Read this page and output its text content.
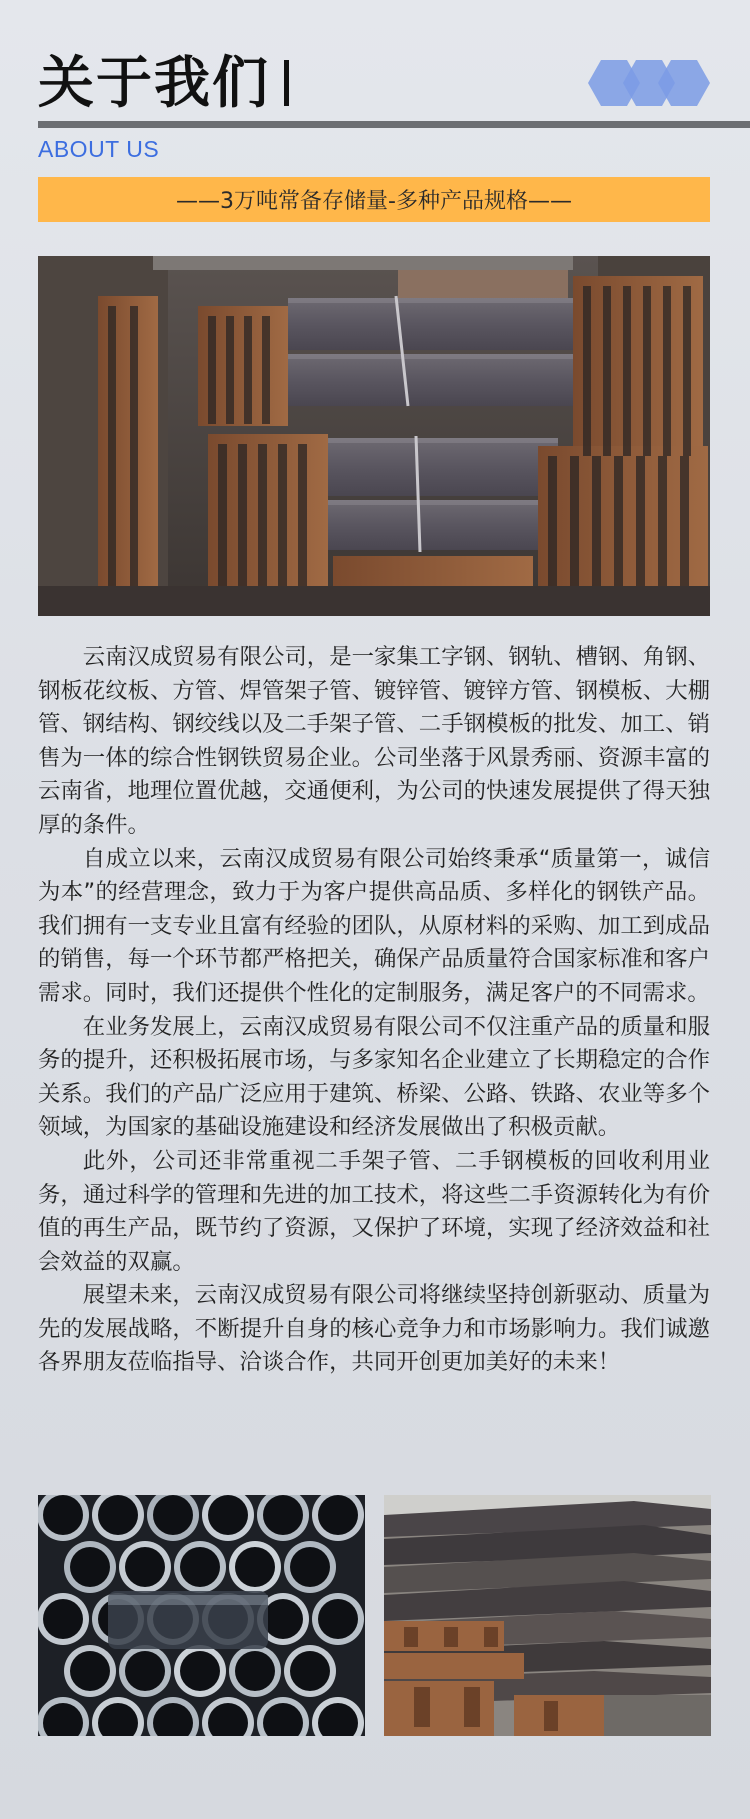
关于我们
ABOUT US
——3万吨常备存储量-多种产品规格——

云南汉成贸易有限公司，是一家集工字钢、钢轨、槽钢、角钢、钢板花纹板、方管、焊管架子管、镀锌管、镀锌方管、钢模板、大棚管、钢结构、钢绞线以及二手架子管、二手钢模板的批发、加工、销售为一体的综合性钢铁贸易企业。公司坐落于风景秀丽、资源丰富的云南省，地理位置优越，交通便利，为公司的快速发展提供了得天独厚的条件。

自成立以来，云南汉成贸易有限公司始终秉承“质量第一，诚信为本”的经营理念，致力于为客户提供高品质、多样化的钢铁产品。我们拥有一支专业且富有经验的团队，从原材料的采购、加工到成品的销售，每一个环节都严格把关，确保产品质量符合国家标准和客户需求。同时，我们还提供个性化的定制服务，满足客户的不同需求。

在业务发展上，云南汉成贸易有限公司不仅注重产品的质量和服务的提升，还积极拓展市场，与多家知名企业建立了长期稳定的合作关系。我们的产品广泛应用于建筑、桥梁、公路、铁路、农业等多个领域，为国家的基础设施建设和经济发展做出了积极贡献。

此外，公司还非常重视二手架子管、二手钢模板的回收利用业务，通过科学的管理和先进的加工技术，将这些二手资源转化为有价值的再生产品，既节约了资源，又保护了环境，实现了经济效益和社会效益的双赢。

展望未来，云南汉成贸易有限公司将继续坚持创新驱动、质量为先的发展战略，不断提升自身的核心竞争力和市场影响力。我们诚邀各界朋友莅临指导、洽谈合作，共同开创更加美好的未来！
